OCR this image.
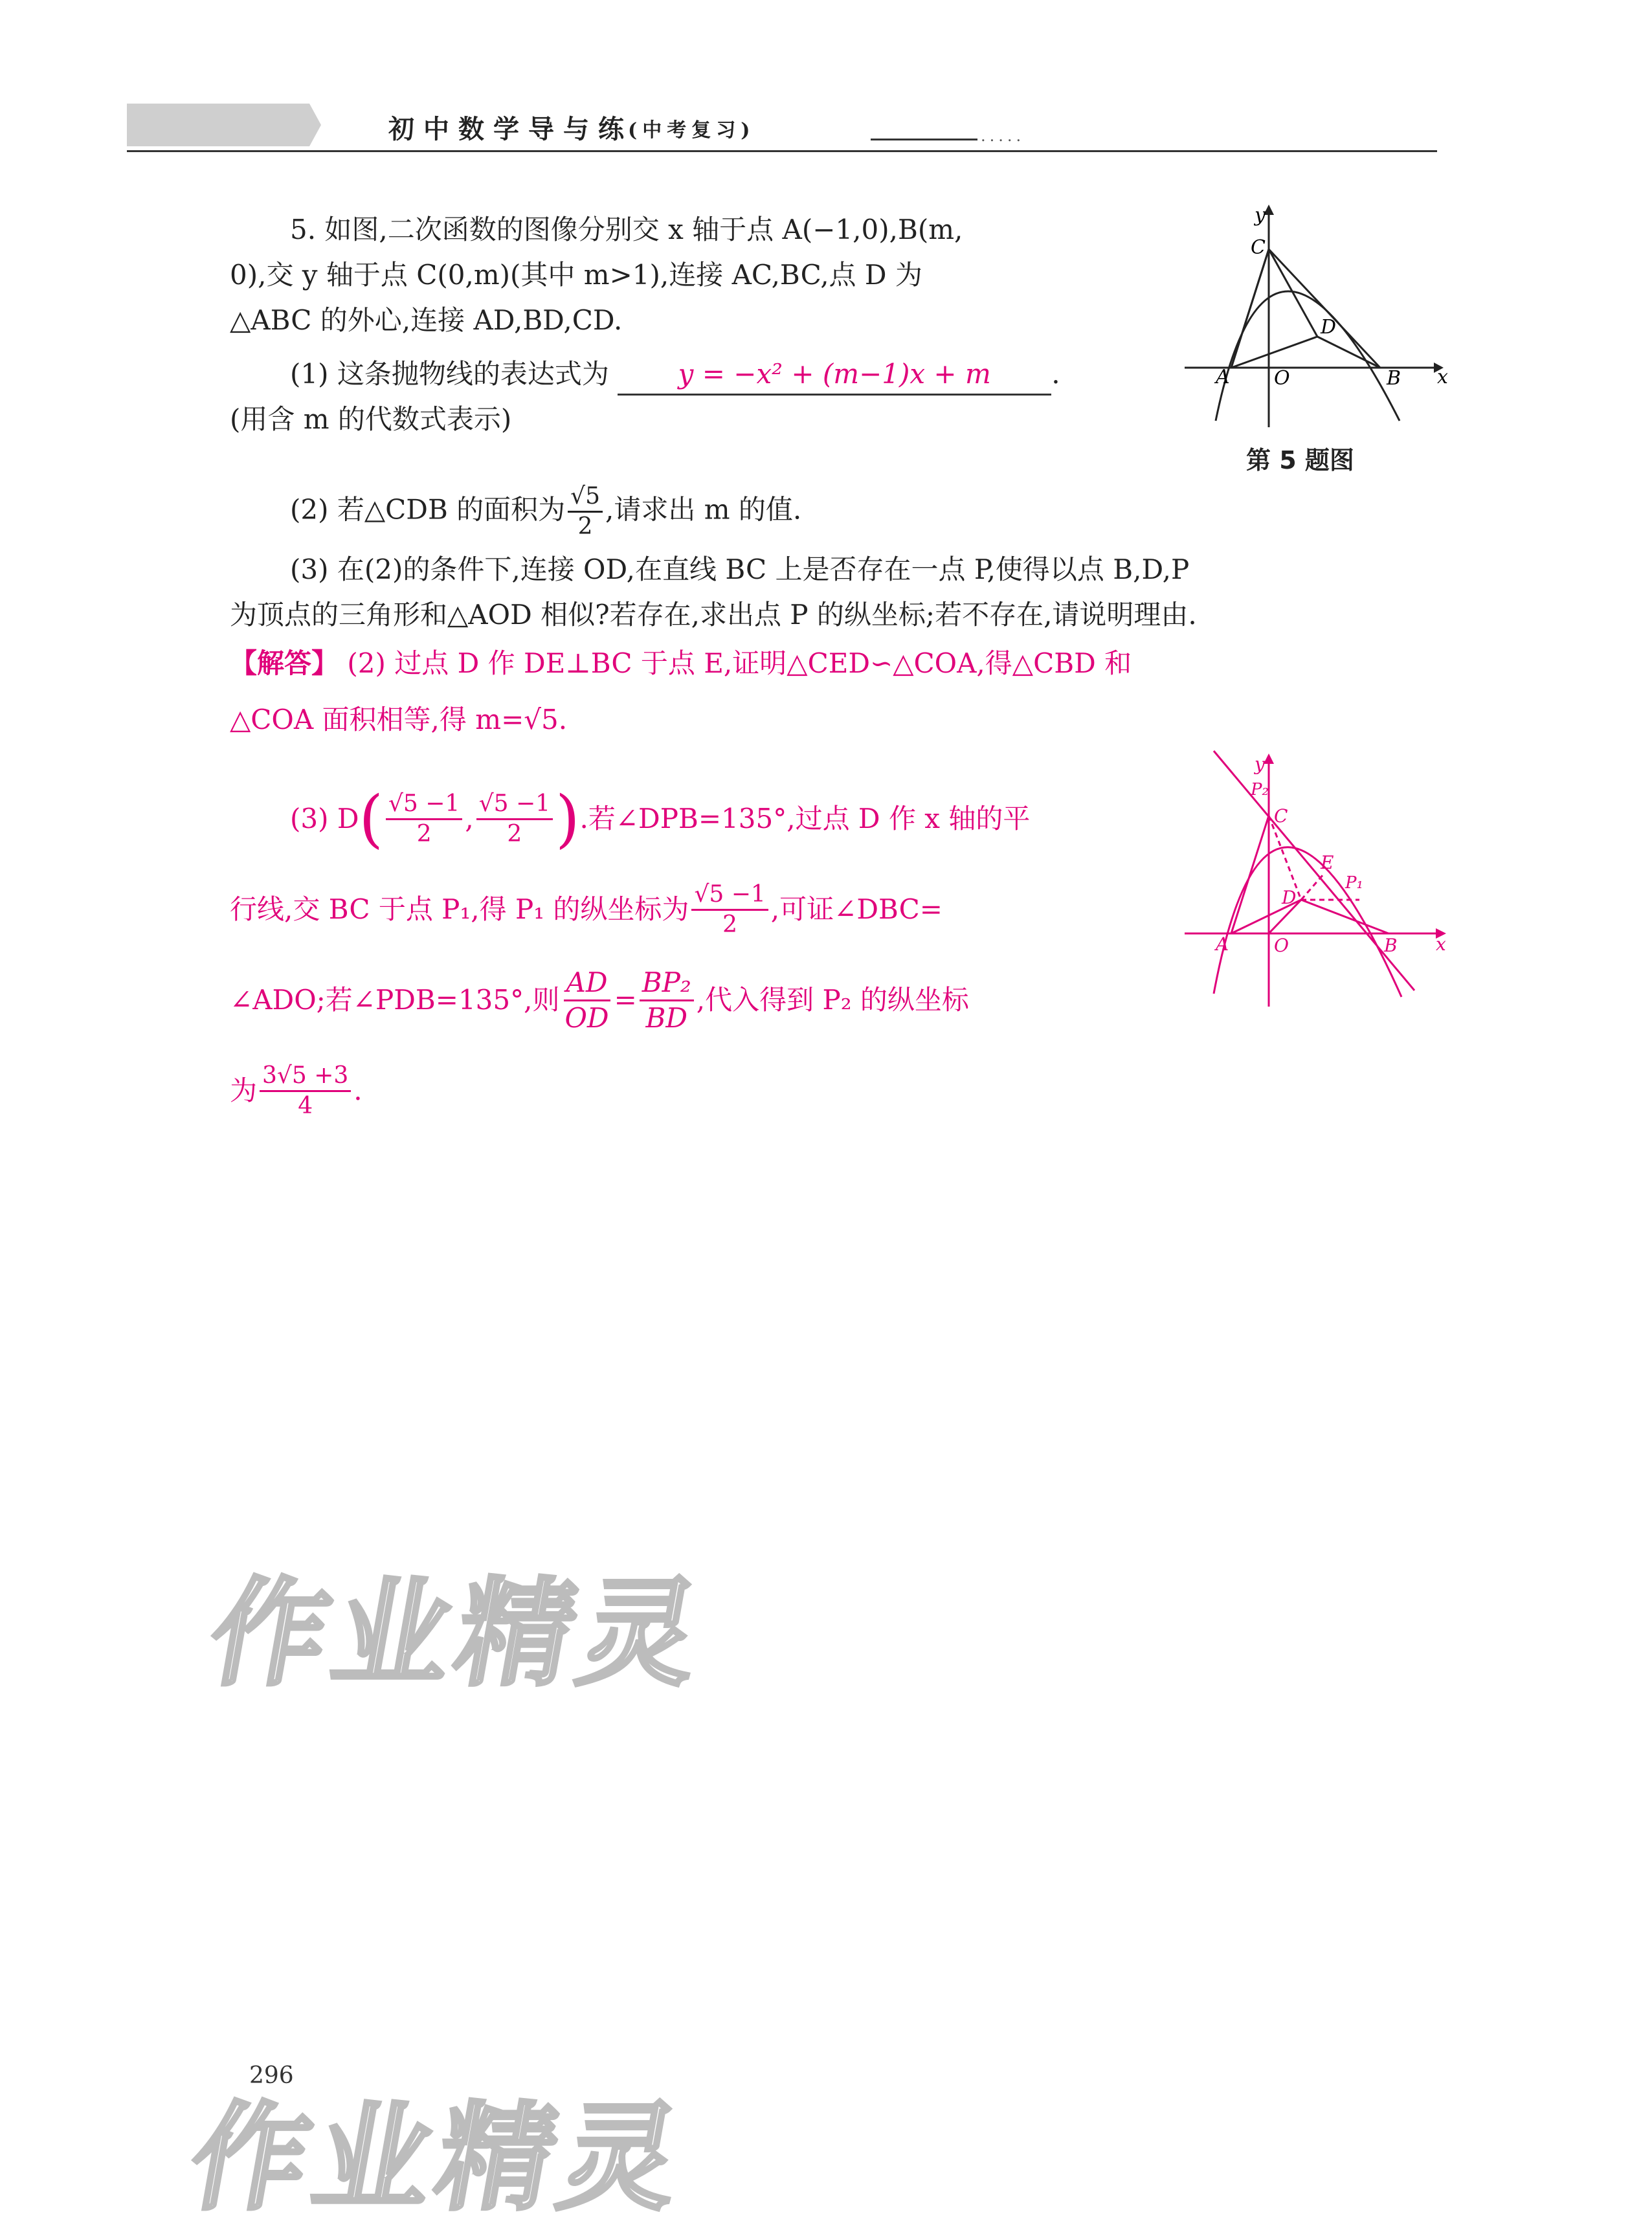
初中数学导与练
(中考复习)	.....
5. 如图,二次函数的图像分别交 x 轴于点 A(−1,0),B(m,
0),交 y 轴于点 C(0,m)(其中 m>1),连接 AC,BC,点 D 为
△ABC 的外心,连接 AD,BD,CD.
(1) 这条抛物线的表达式为	y = −x² + (m−1)x + m .
(用含 m 的代数式表示)
(2) 若△CDB 的面积为 $\frac{√5}{2}$ ,请求出 m 的值.
(3) 在(2)的条件下,连接 OD,在直线 BC 上是否存在一点 P,使得以点 B,D,P
为顶点的三角形和△AOD 相似?若存在,求出点 P 的纵坐标;若不存在,请说明理由.
y
x
C
D
A O	B
第 5 题图
【解答】 (2) 过点 D 作 DE⊥BC 于点 E,证明△CED∽△COA,得△CBD 和
△COA 面积相等,得 m=√5.
(3) D ( $\frac{√5 -1}{2}$ , $\frac{√5 -1}{2}$ ) .若∠DPB=135°,过点 D 作 x 轴的平
行线,交 BC 于点 P₁,得 P₁ 的纵坐标为 $\frac{√5 -1}{2}$ ,可证∠DBC=
∠ADO;若∠PDB=135°,则 $\frac{AD}{OD} = \frac{\text{BP₂}}{BD}$ ,代入得到 P₂ 的纵坐标
为 $\frac{3√5 +3}{4}$ .
y
P₂
C
E
P₁
D
A O	B x
作业精灵
296
作业精灵
